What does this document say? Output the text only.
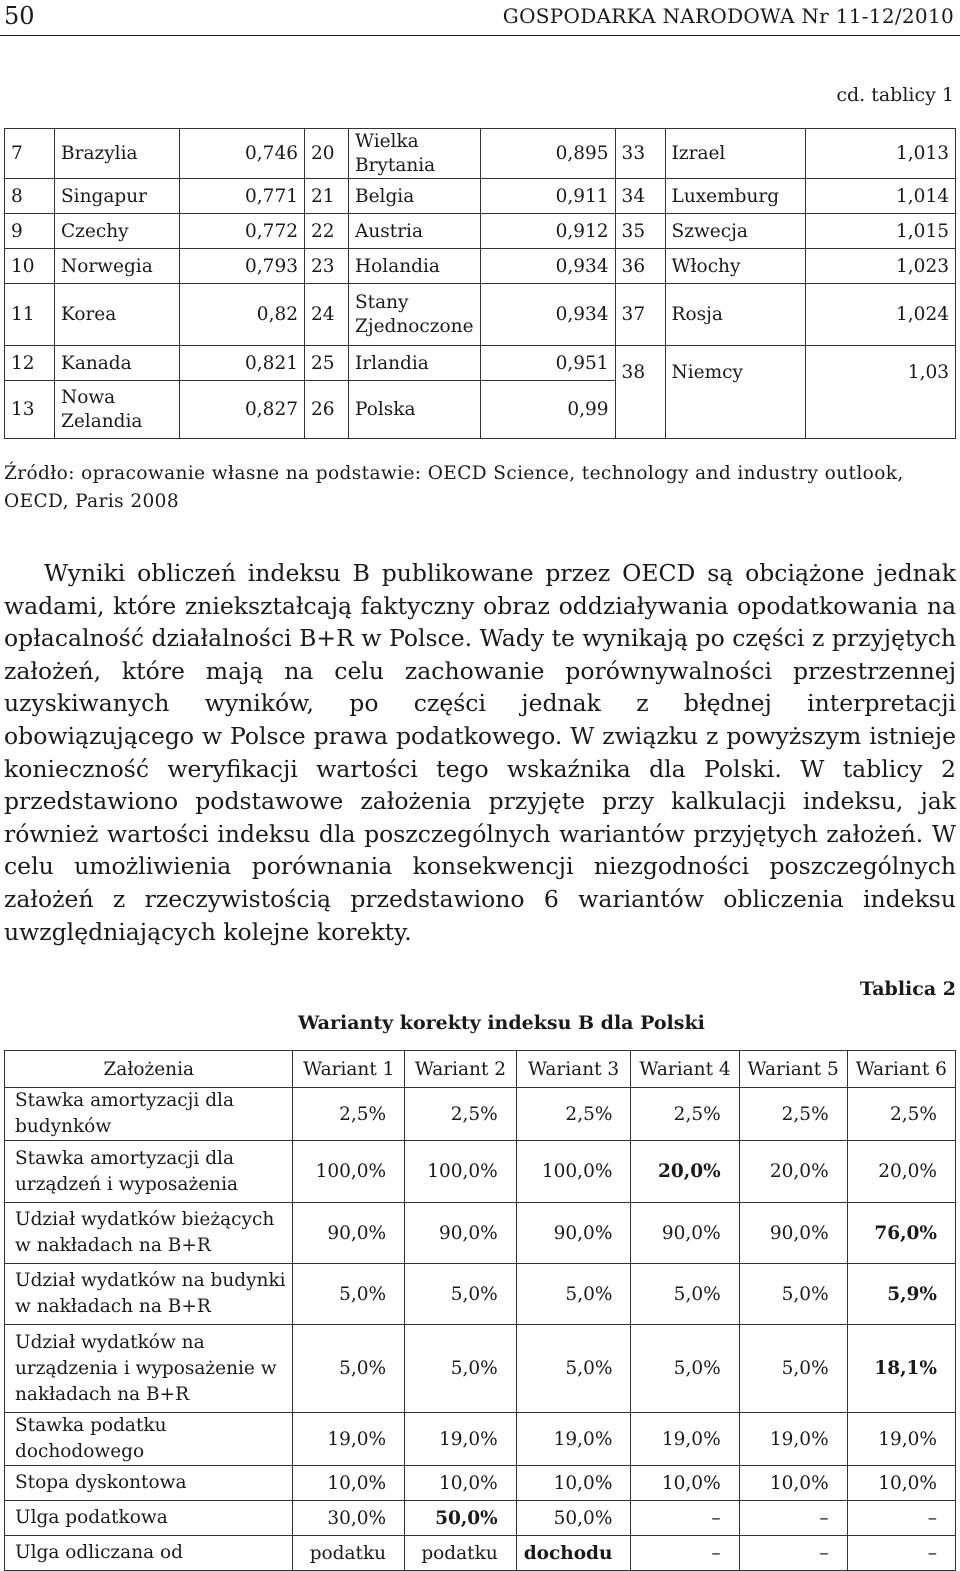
50	GOSPODARKA NARODOWA Nr 11-12/2010
cd. tablicy 1
7	Brazylia	0,746	20	Wielka Brytania	0,895	33	Izrael	1,013
8	Singapur	0,771	21	Belgia	0,911	34	Luxemburg	1,014
9	Czechy	0,772	22	Austria	0,912	35	Szwecja	1,015
10	Norwegia	0,793	23	Holandia	0,934	36	Włochy	1,023
11	Korea	0,82	24	Stany Zjednoczone	0,934	37	Rosja	1,024
12	Kanada	0,821	25	Irlandia	0,951	38	Niemcy	1,03
13	Nowa Zelandia	0,827	26	Polska	0,99			
Źródło: opracowanie własne na podstawie: OECD Science, technology and industry outlook, OECD, Paris 2008

Wyniki obliczeń indeksu B publikowane przez OECD są obciążone jednak wadami, które zniekształcają faktyczny obraz oddziaływania opodatkowania na opłacalność działalności B+R w Polsce. Wady te wynikają po części z przyjętych założeń, które mają na celu zachowanie porównywalności przestrzennej uzyskiwanych wyników, po części jednak z błędnej interpretacji obowiązującego w Polsce prawa podatkowego. W związku z powyższym istnieje konieczność weryfikacji wartości tego wskaźnika dla Polski. W tablicy 2 przedstawiono podstawowe założenia przyjęte przy kalkulacji indeksu, jak również wartości indeksu dla poszczególnych wariantów przyjętych założeń. W celu umożliwienia porównania konsekwencji niezgodności poszczególnych założeń z rzeczywistością przedstawiono 6 wariantów obliczenia indeksu uwzględniających kolejne korekty.

Tablica 2
Warianty korekty indeksu B dla Polski
Założenia	Wariant 1	Wariant 2	Wariant 3	Wariant 4	Wariant 5	Wariant 6
Stawka amortyzacji dla budynków	2,5%	2,5%	2,5%	2,5%	2,5%	2,5%
Stawka amortyzacji dla urządzeń i wyposażenia	100,0%	100,0%	100,0%	20,0%	20,0%	20,0%
Udział wydatków bieżących w nakładach na B+R	90,0%	90,0%	90,0%	90,0%	90,0%	76,0%
Udział wydatków na budynki w nakładach na B+R	5,0%	5,0%	5,0%	5,0%	5,0%	5,9%
Udział wydatków na urządzenia i wyposażenie w nakładach na B+R	5,0%	5,0%	5,0%	5,0%	5,0%	18,1%
Stawka podatku dochodowego	19,0%	19,0%	19,0%	19,0%	19,0%	19,0%
Stopa dyskontowa	10,0%	10,0%	10,0%	10,0%	10,0%	10,0%
Ulga podatkowa	30,0%	50,0%	50,0%	–	–	–
Ulga odliczana od	podatku	podatku	dochodu	–	–	–
